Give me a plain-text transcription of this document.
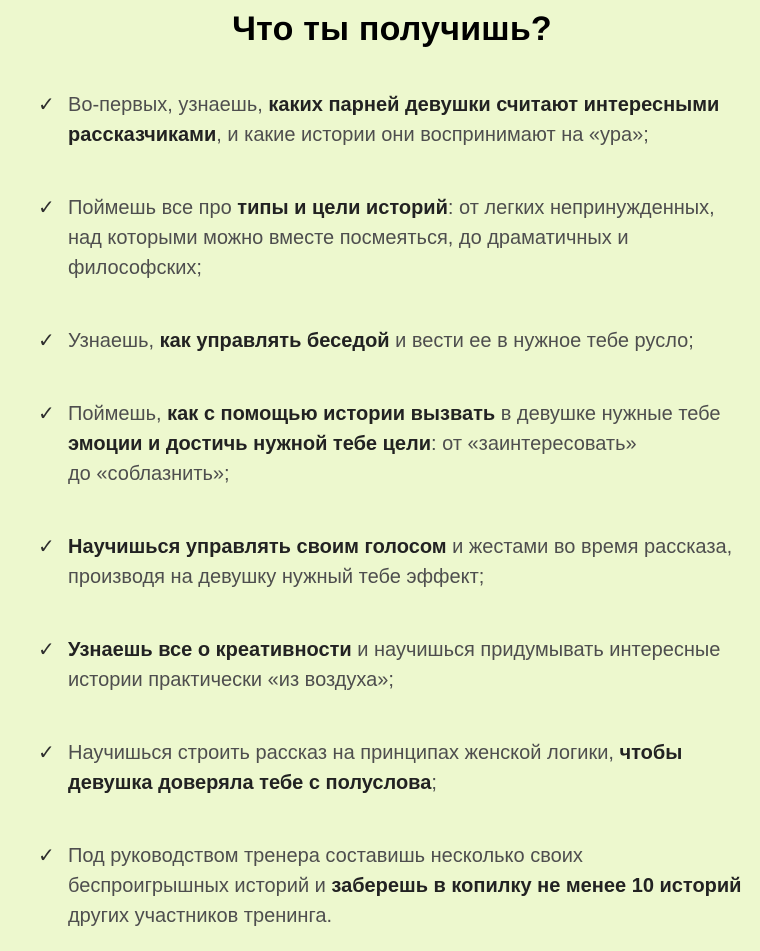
Что ты получишь?
✓ Во-первых, узнаешь, каких парней девушки считают интересными рассказчиками, и какие истории они воспринимают на «ура»;

✓ Поймешь все про типы и цели историй: от легких непринужденных, над которыми можно вместе посмеяться, до драматичных и философских;

✓ Узнаешь, как управлять беседой и вести ее в нужное тебе русло;

✓ Поймешь, как с помощью истории вызвать в девушке нужные тебе эмоции и достичь нужной тебе цели: от «заинтересовать»
до «соблазнить»;

✓ Научишься управлять своим голосом и жестами во время рассказа, производя на девушку нужный тебе эффект;

✓ Узнаешь все о креативности и научишься придумывать интересные истории практически «из воздуха»;

✓ Научишься строить рассказ на принципах женской логики, чтобы девушка доверяла тебе с полуслова;

✓ Под руководством тренера составишь несколько своих беспроигрышных историй и заберешь в копилку не менее 10 историй других участников тренинга.
